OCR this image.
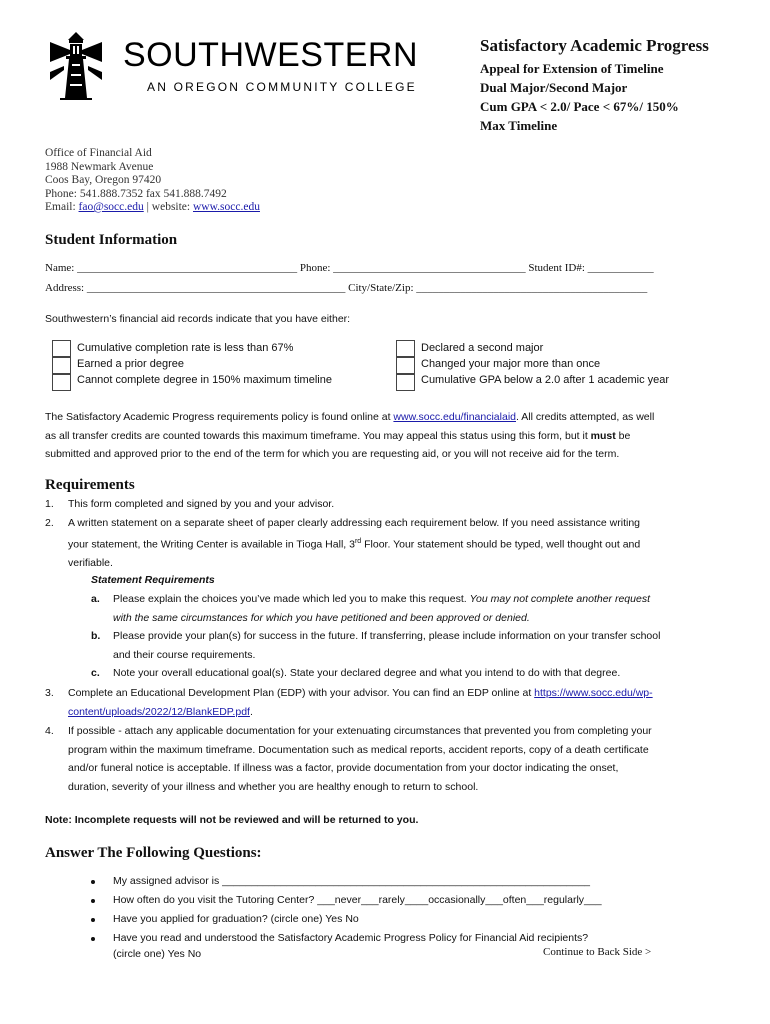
SOUTHWESTERN
AN OREGON COMMUNITY COLLEGE
Satisfactory Academic Progress
Appeal for Extension of Timeline
Dual Major/Second Major
Cum GPA < 2.0/ Pace < 67%/ 150%
Max Timeline
Office of Financial Aid
1988 Newmark Avenue
Coos Bay, Oregon 97420
Phone: 541.888.7352 fax 541.888.7492
Email: fao@socc.edu | website: www.socc.edu
Student Information
Name: ________________________________________ Phone: ___________________________________ Student ID#: ____________
Address: _______________________________________________ City/State/Zip: __________________________________________
Southwestern’s financial aid records indicate that you have either:
Cumulative completion rate is less than 67%
Earned a prior degree
Cannot complete degree in 150% maximum timeline
Declared a second major
Changed your major more than once
Cumulative GPA below a 2.0 after 1 academic year
The Satisfactory Academic Progress requirements policy is found online at www.socc.edu/financialaid. All credits attempted, as well
as all transfer credits are counted towards this maximum timeframe. You may appeal this status using this form, but it must be
submitted and approved prior to the end of the term for which you are requesting aid, or you will not receive aid for the term.
Requirements
1. This form completed and signed by you and your advisor.
2. A written statement on a separate sheet of paper clearly addressing each requirement below. If you need assistance writing
your statement, the Writing Center is available in Tioga Hall, 3rd Floor. Your statement should be typed, well thought out and
verifiable.
Statement Requirements
a. Please explain the choices you’ve made which led you to make this request. You may not complete another request
with the same circumstances for which you have petitioned and been approved or denied.
b. Please provide your plan(s) for success in the future. If transferring, please include information on your transfer school
and their course requirements.
c. Note your overall educational goal(s). State your declared degree and what you intend to do with that degree.
3. Complete an Educational Development Plan (EDP) with your advisor. You can find an EDP online at https://www.socc.edu/wp-
content/uploads/2022/12/BlankEDP.pdf.
4. If possible - attach any applicable documentation for your extenuating circumstances that prevented you from completing your
program within the maximum timeframe. Documentation such as medical reports, accident reports, copy of a death certificate
and/or funeral notice is acceptable. If illness was a factor, provide documentation from your doctor indicating the onset,
duration, severity of your illness and whether you are healthy enough to return to school.
Note: Incomplete requests will not be reviewed and will be returned to you.
Answer The Following Questions:
My assigned advisor is _______________________________________________________________
How often do you visit the Tutoring Center? ___never___rarely____occasionally___often___regularly___
Have you applied for graduation? (circle one) Yes No
Have you read and understood the Satisfactory Academic Progress Policy for Financial Aid recipients?
(circle one) Yes No	Continue to Back Side >
